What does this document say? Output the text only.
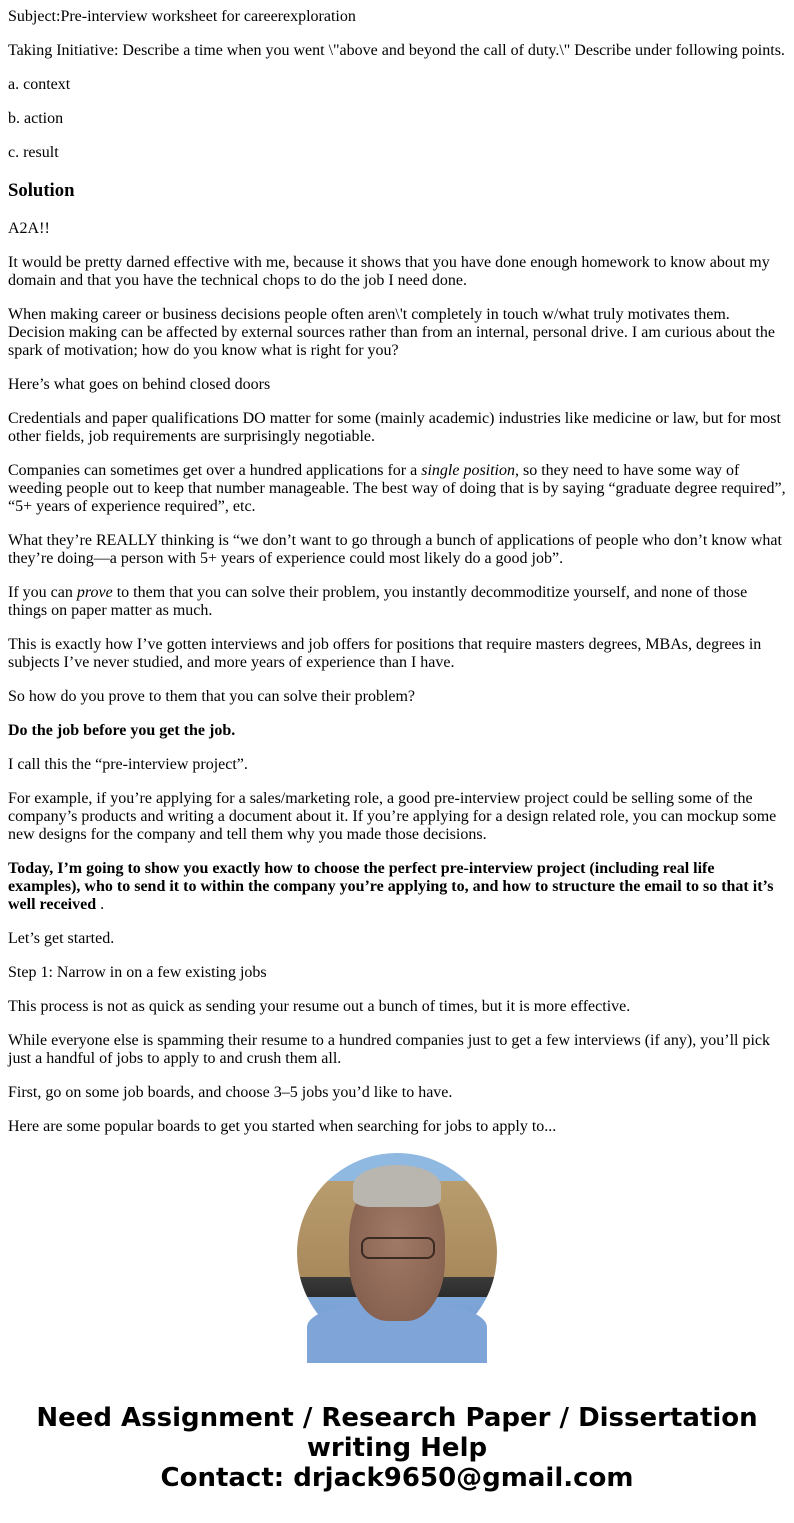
Subject:Pre-interview worksheet for careerexploration

Taking Initiative: Describe a time when you went \"above and beyond the call of duty.\" Describe under following points.

a. context

b. action

c. result

Solution

A2A!!

It would be pretty darned effective with me, because it shows that you have done enough homework to know about my domain and that you have the technical chops to do the job I need done.

When making career or business decisions people often aren\'t completely in touch w/what truly motivates them. Decision making can be affected by external sources rather than from an internal, personal drive. I am curious about the spark of motivation; how do you know what is right for you?

Here’s what goes on behind closed doors

Credentials and paper qualifications DO matter for some (mainly academic) industries like medicine or law, but for most other fields, job requirements are surprisingly negotiable.

Companies can sometimes get over a hundred applications for a single position, so they need to have some way of weeding people out to keep that number manageable. The best way of doing that is by saying “graduate degree required”, “5+ years of experience required”, etc.

What they’re REALLY thinking is “we don’t want to go through a bunch of applications of people who don’t know what they’re doing—a person with 5+ years of experience could most likely do a good job”.

If you can prove to them that you can solve their problem, you instantly decommoditize yourself, and none of those things on paper matter as much.

This is exactly how I’ve gotten interviews and job offers for positions that require masters degrees, MBAs, degrees in subjects I’ve never studied, and more years of experience than I have.

So how do you prove to them that you can solve their problem?

Do the job before you get the job.

I call this the “pre-interview project”.

For example, if you’re applying for a sales/marketing role, a good pre-interview project could be selling some of the company’s products and writing a document about it. If you’re applying for a design related role, you can mockup some new designs for the company and tell them why you made those decisions.

Today, I’m going to show you exactly how to choose the perfect pre-interview project (including real life examples), who to send it to within the company you’re applying to, and how to structure the email to so that it’s well received .

Let’s get started.

Step 1: Narrow in on a few existing jobs

This process is not as quick as sending your resume out a bunch of times, but it is more effective.

While everyone else is spamming their resume to a hundred companies just to get a few interviews (if any), you’ll pick just a handful of jobs to apply to and crush them all.

First, go on some job boards, and choose 3–5 jobs you’d like to have.

Here are some popular boards to get you started when searching for jobs to apply to...

Need Assignment / Research Paper / Dissertation
writing Help
Contact: drjack9650@gmail.com
